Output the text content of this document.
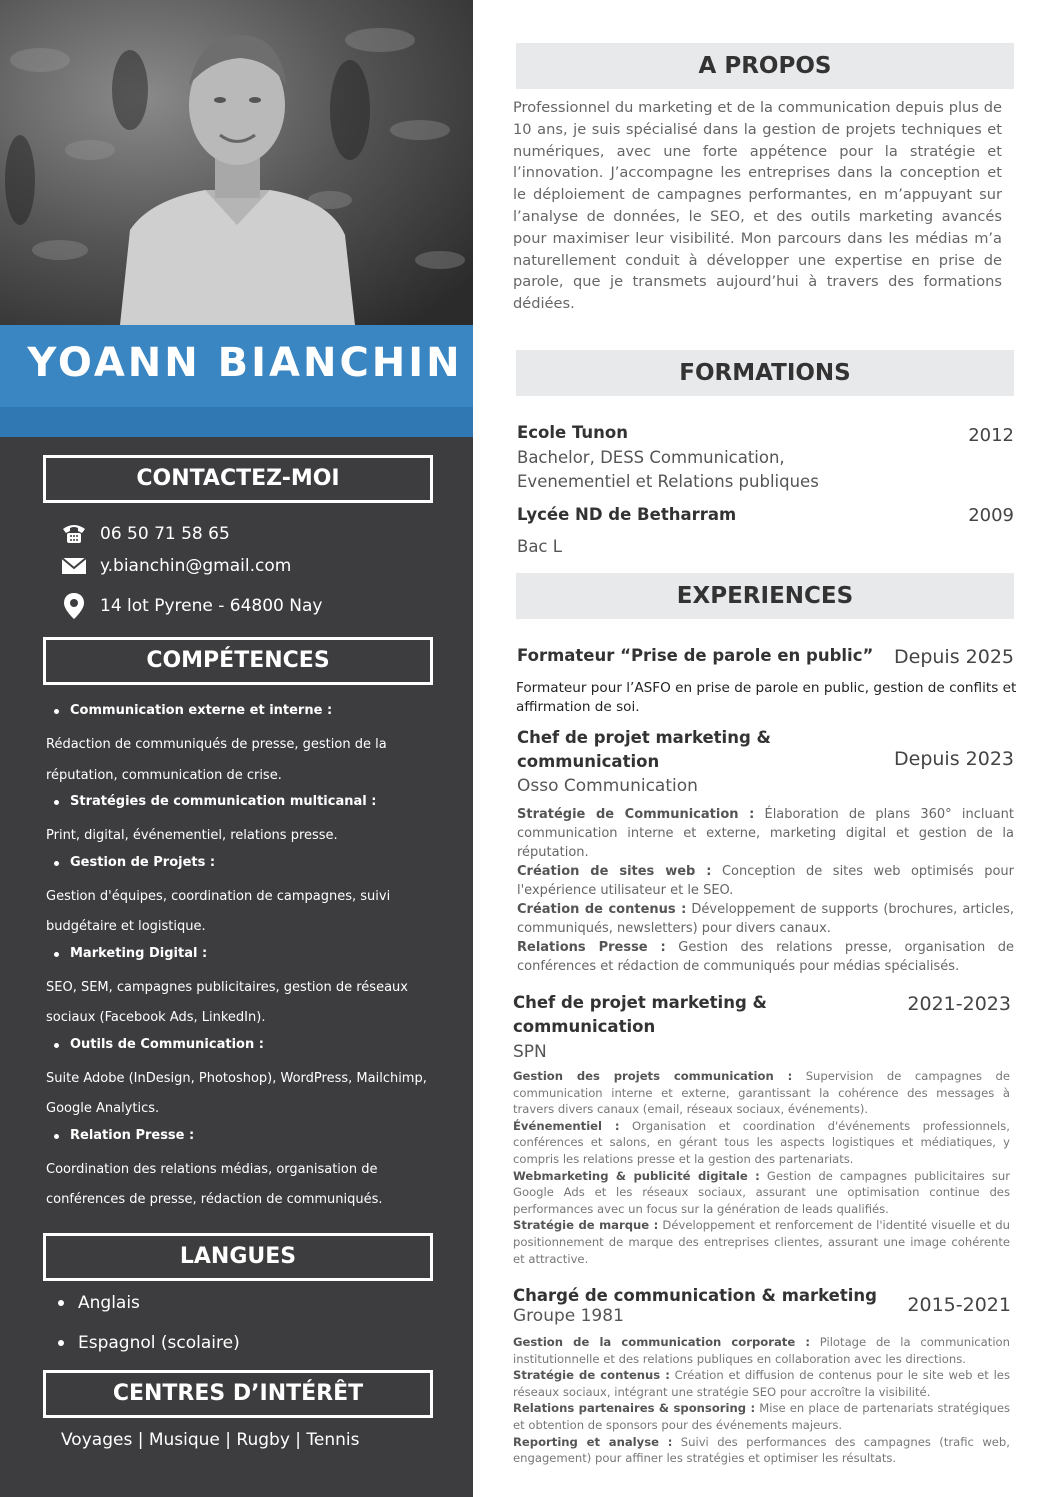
YOANN BIANCHIN
CONTACTEZ-MOI
06 50 71 58 65
y.bianchin@gmail.com
14 lot Pyrene - 64800 Nay
COMPÉTENCES
Communication externe et interne :
Rédaction de communiqués de presse, gestion de la
réputation, communication de crise.
Stratégies de communication multicanal :
Print, digital, événementiel, relations presse.
Gestion de Projets :
Gestion d'équipes, coordination de campagnes, suivi
budgétaire et logistique.
Marketing Digital :
SEO, SEM, campagnes publicitaires, gestion de réseaux
sociaux (Facebook Ads, LinkedIn).
Outils de Communication :
Suite Adobe (InDesign, Photoshop), WordPress, Mailchimp,
Google Analytics.
Relation Presse :
Coordination des relations médias, organisation de
conférences de presse, rédaction de communiqués.
LANGUES
Anglais
Espagnol (scolaire)
CENTRES D’INTÉRÊT
Voyages | Musique | Rugby | Tennis
A PROPOS
Professionnel du marketing et de la communication depuis plus de 10 ans, je suis spécialisé dans la gestion de projets techniques et numériques, avec une forte appétence pour la stratégie et l’innovation. J’accompagne les entreprises dans la conception et le déploiement de campagnes performantes, en m’appuyant sur l’analyse de données, le SEO, et des outils marketing avancés pour maximiser leur visibilité. Mon parcours dans les médias m’a naturellement conduit à développer une expertise en prise de parole, que je transmets aujourd’hui à travers des formations dédiées.
FORMATIONS
Ecole Tunon	2012
Bachelor, DESS Communication,
Evenementiel et Relations publiques
Lycée ND de Betharram	2009
Bac L
EXPERIENCES
Formateur “Prise de parole en public”	Depuis 2025
Formateur pour l’ASFO en prise de parole en public, gestion de conflits et affirmation de soi.
Chef de projet marketing &
communication	Depuis 2023
Osso Communication
Stratégie de Communication : Élaboration de plans 360° incluant communication interne et externe, marketing digital et gestion de la réputation.
Création de sites web : Conception de sites web optimisés pour l'expérience utilisateur et le SEO.
Création de contenus : Développement de supports (brochures, articles, communiqués, newsletters) pour divers canaux.
Relations Presse : Gestion des relations presse, organisation de conférences et rédaction de communiqués pour médias spécialisés.
Chef de projet marketing &
communication
2021-2023
SPN
Gestion des projets communication : Supervision de campagnes de communication interne et externe, garantissant la cohérence des messages à travers divers canaux (email, réseaux sociaux, événements).
Événementiel : Organisation et coordination d'événements professionnels, conférences et salons, en gérant tous les aspects logistiques et médiatiques, y compris les relations presse et la gestion des partenariats.
Webmarketing & publicité digitale : Gestion de campagnes publicitaires sur Google Ads et les réseaux sociaux, assurant une optimisation continue des performances avec un focus sur la génération de leads qualifiés.
Stratégie de marque : Développement et renforcement de l'identité visuelle et du positionnement de marque des entreprises clientes, assurant une image cohérente et attractive.
Chargé de communication & marketing	2015-2021
Groupe 1981
Gestion de la communication corporate : Pilotage de la communication institutionnelle et des relations publiques en collaboration avec les directions.
Stratégie de contenus : Création et diffusion de contenus pour le site web et les réseaux sociaux, intégrant une stratégie SEO pour accroître la visibilité.
Relations partenaires & sponsoring : Mise en place de partenariats stratégiques et obtention de sponsors pour des événements majeurs.
Reporting et analyse : Suivi des performances des campagnes (trafic web, engagement) pour affiner les stratégies et optimiser les résultats.
